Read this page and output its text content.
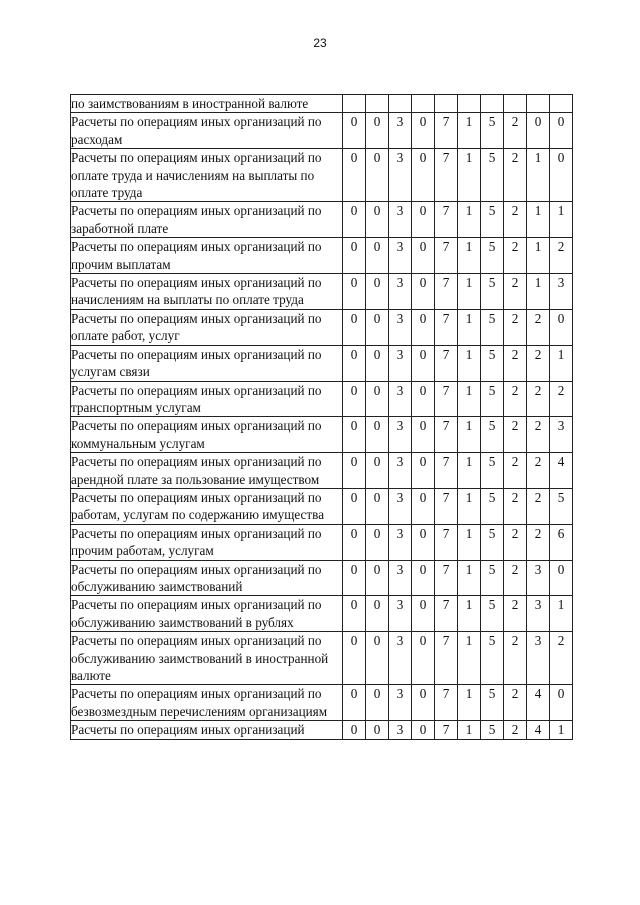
23
по заимствованиям в иностранной валюте										
Расчеты по операциям иных организаций по расходам	0	0	3	0	7	1	5	2	0	0
Расчеты по операциям иных организаций по оплате труда и начислениям на выплаты по оплате труда	0	0	3	0	7	1	5	2	1	0
Расчеты по операциям иных организаций по заработной плате	0	0	3	0	7	1	5	2	1	1
Расчеты по операциям иных организаций по прочим выплатам	0	0	3	0	7	1	5	2	1	2
Расчеты по операциям иных организаций по начислениям на выплаты по оплате труда	0	0	3	0	7	1	5	2	1	3
Расчеты по операциям иных организаций по оплате работ, услуг	0	0	3	0	7	1	5	2	2	0
Расчеты по операциям иных организаций по услугам связи	0	0	3	0	7	1	5	2	2	1
Расчеты по операциям иных организаций по транспортным услугам	0	0	3	0	7	1	5	2	2	2
Расчеты по операциям иных организаций по коммунальным услугам	0	0	3	0	7	1	5	2	2	3
Расчеты по операциям иных организаций по арендной плате за пользование имуществом	0	0	3	0	7	1	5	2	2	4
Расчеты по операциям иных организаций по работам, услугам по содержанию имущества	0	0	3	0	7	1	5	2	2	5
Расчеты по операциям иных организаций по прочим работам, услугам	0	0	3	0	7	1	5	2	2	6
Расчеты по операциям иных организаций по обслуживанию заимствований	0	0	3	0	7	1	5	2	3	0
Расчеты по операциям иных организаций по обслуживанию заимствований в рублях	0	0	3	0	7	1	5	2	3	1
Расчеты по операциям иных организаций по обслуживанию заимствований в иностранной валюте	0	0	3	0	7	1	5	2	3	2
Расчеты по операциям иных организаций по безвозмездным перечислениям организациям	0	0	3	0	7	1	5	2	4	0
Расчеты по операциям иных организаций	0	0	3	0	7	1	5	2	4	1
